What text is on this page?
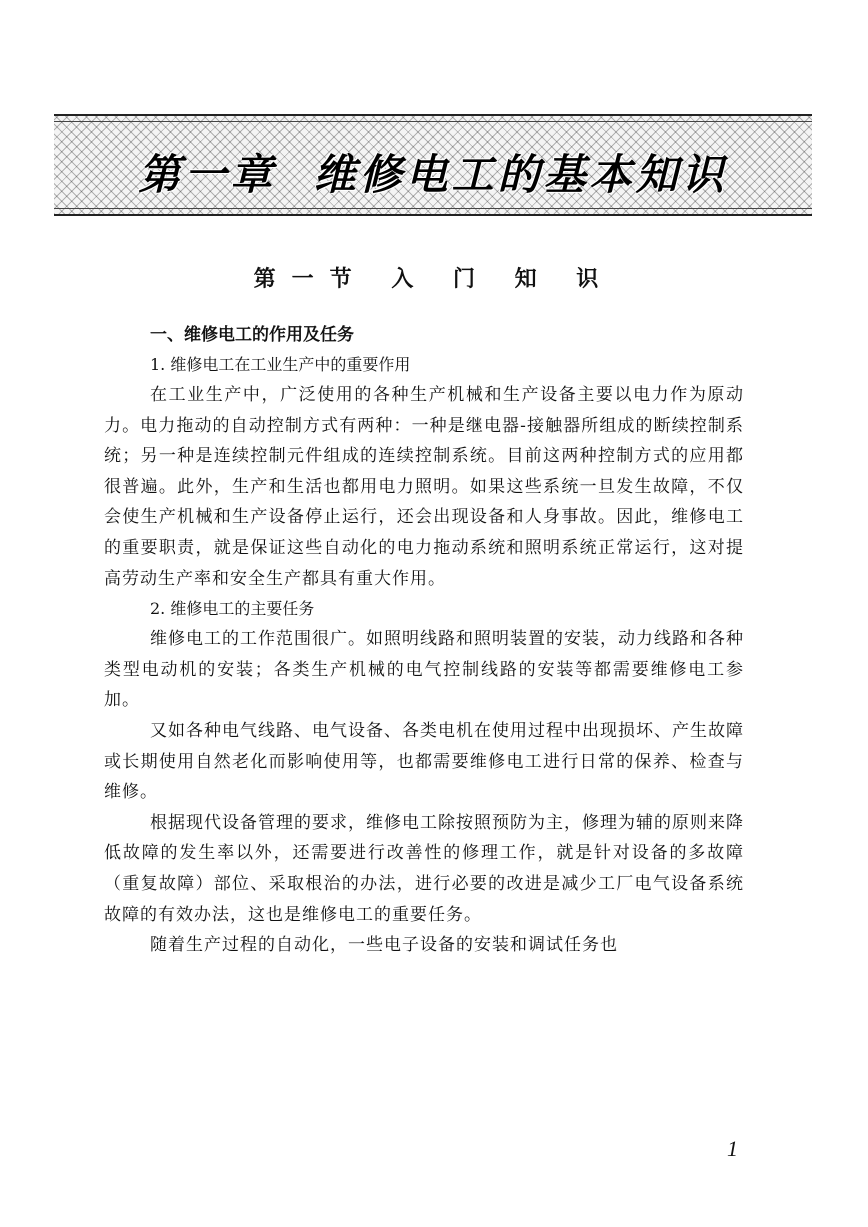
第一章  维修电工的基本知识
第一节 入 门 知 识
一、维修电工的作用及任务
1. 维修电工在工业生产中的重要作用

在工业生产中，广泛使用的各种生产机械和生产设备主要以电力作为原动力。电力拖动的自动控制方式有两种：一种是继电器-接触器所组成的断续控制系统；另一种是连续控制元件组成的连续控制系统。目前这两种控制方式的应用都很普遍。此外，生产和生活也都用电力照明。如果这些系统一旦发生故障，不仅会使生产机械和生产设备停止运行，还会出现设备和人身事故。因此，维修电工的重要职责，就是保证这些自动化的电力拖动系统和照明系统正常运行，这对提高劳动生产率和安全生产都具有重大作用。

2. 维修电工的主要任务

维修电工的工作范围很广。如照明线路和照明装置的安装，动力线路和各种类型电动机的安装；各类生产机械的电气控制线路的安装等都需要维修电工参加。

又如各种电气线路、电气设备、各类电机在使用过程中出现损坏、产生故障或长期使用自然老化而影响使用等，也都需要维修电工进行日常的保养、检查与维修。

根据现代设备管理的要求，维修电工除按照预防为主，修理为辅的原则来降低故障的发生率以外，还需要进行改善性的修理工作，就是针对设备的多故障（重复故障）部位、采取根治的办法，进行必要的改进是减少工厂电气设备系统故障的有效办法，这也是维修电工的重要任务。

随着生产过程的自动化，一些电子设备的安装和调试任务也

1
